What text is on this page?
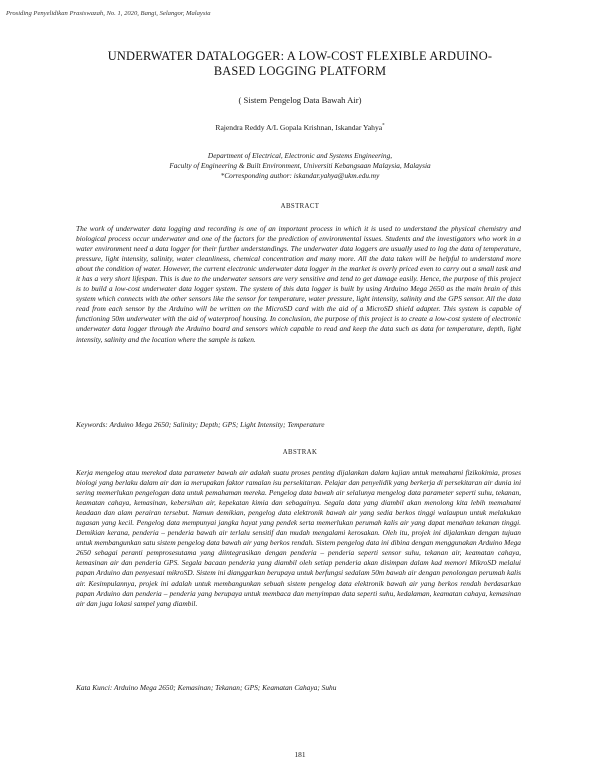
Prosiding Penyelidikan Prasiswazah, No. 1, 2020, Bangi, Selangor, Malaysia
UNDERWATER DATALOGGER: A LOW-COST FLEXIBLE ARDUINO-
BASED LOGGING PLATFORM
( Sistem Pengelog Data Bawah Air)
Rajendra Reddy A/L Gopala Krishnan, Iskandar Yahya*
Department of Electrical, Electronic and Systems Engineering,
Faculty of Engineering & Built Environment, Universiti Kebangsaan Malaysia, Malaysia
*Corresponding author: iskandar.yahya@ukm.edu.my
ABSTRACT

The work of underwater data logging and recording is one of an important process in which it is used to understand the physical chemistry and biological process occur underwater and one of the factors for the prediction of environmental issues. Students and the investigators who work in a water environment need a data logger for their further understandings. The underwater data loggers are usually used to log the data of temperature, pressure, light intensity, salinity, water cleanliness, chemical concentration and many more. All the data taken will be helpful to understand more about the condition of water. However, the current electronic underwater data logger in the market is overly priced even to carry out a small task and it has a very short lifespan. This is due to the underwater sensors are very sensitive and tend to get damage easily. Hence, the purpose of this project is to build a low-cost underwater data logger system. The system of this data logger is built by using Arduino Mega 2650 as the main brain of this system which connects with the other sensors like the sensor for temperature, water pressure, light intensity, salinity and the GPS sensor. All the data read from each sensor by the Arduino will be written on the MicroSD card with the aid of a MicroSD shield adapter. This system is capable of functioning 50m underwater with the aid of waterproof housing. In conclusion, the purpose of this project is to create a low-cost system of electronic underwater data logger through the Arduino board and sensors which capable to read and keep the data such as data for temperature, depth, light intensity, salinity and the location where the sample is taken.

Keywords: Arduino Mega 2650; Salinity; Depth; GPS; Light Intensity; Temperature

ABSTRAK

Kerja mengelog atau merekod data parameter bawah air adalah suatu proses penting dijalankan dalam kajian untuk memahami fizikokimia, proses biologi yang berlaku dalam air dan ia merupakan faktor ramalan isu persekitaran. Pelajar dan penyelidik yang berkerja di persekitaran air dunia ini sering memerlukan pengelogan data untuk pemahaman mereka. Pengelog data bawah air selalunya mengelog data parameter seperti suhu, tekanan, keamatan cahaya, kemasinan, kebersihan air, kepekatan kimia dan sebagainya. Segala data yang diambil akan menolong kita lebih memahami keadaan dan alam perairan tersebut. Namun demikian, pengelog data elektronik bawah air yang sedia berkos tinggi walaupun untuk melakukan tugasan yang kecil. Pengelog data mempunyai jangka hayat yang pendek serta memerlukan perumah kalis air yang dapat menahan tekanan tinggi. Demikian kerana, penderia – penderia bawah air terlalu sensitif dan mudah mengalami kerosakan. Oleh itu, projek ini dijalankan dengan tujuan untuk membangunkan satu sistem pengelog data bawah air yang berkos rendah. Sistem pengelog data ini dibina dengan menggunakan Arduino Mega 2650 sebagai peranti pemprosesutama yang diintegrasikan dengan penderia – penderia seperti sensor suhu, tekanan air, keamatan cahaya, kemasinan air dan penderia GPS. Segala bacaan penderia yang diambil oleh setiap penderia akan disimpan dalam kad memori MikroSD melalui papan Arduino dan penyesuai mikroSD. Sistem ini dianggarkan berupaya untuk berfungsi sedalam 50m bawah air dengan penolongan perumah kalis air. Kesimpulannya, projek ini adalah untuk membangunkan sebuah sistem pengelog data elektronik bawah air yang berkos rendah berdasarkan papan Arduino dan penderia – penderia yang berupaya untuk membaca dan menyimpan data seperti suhu, kedalaman, keamatan cahaya, kemasinan air dan juga lokasi sampel yang diambil.

Kata Kunci: Arduino Mega 2650; Kemasinan; Tekanan; GPS; Keamatan Cahaya; Suhu

181
